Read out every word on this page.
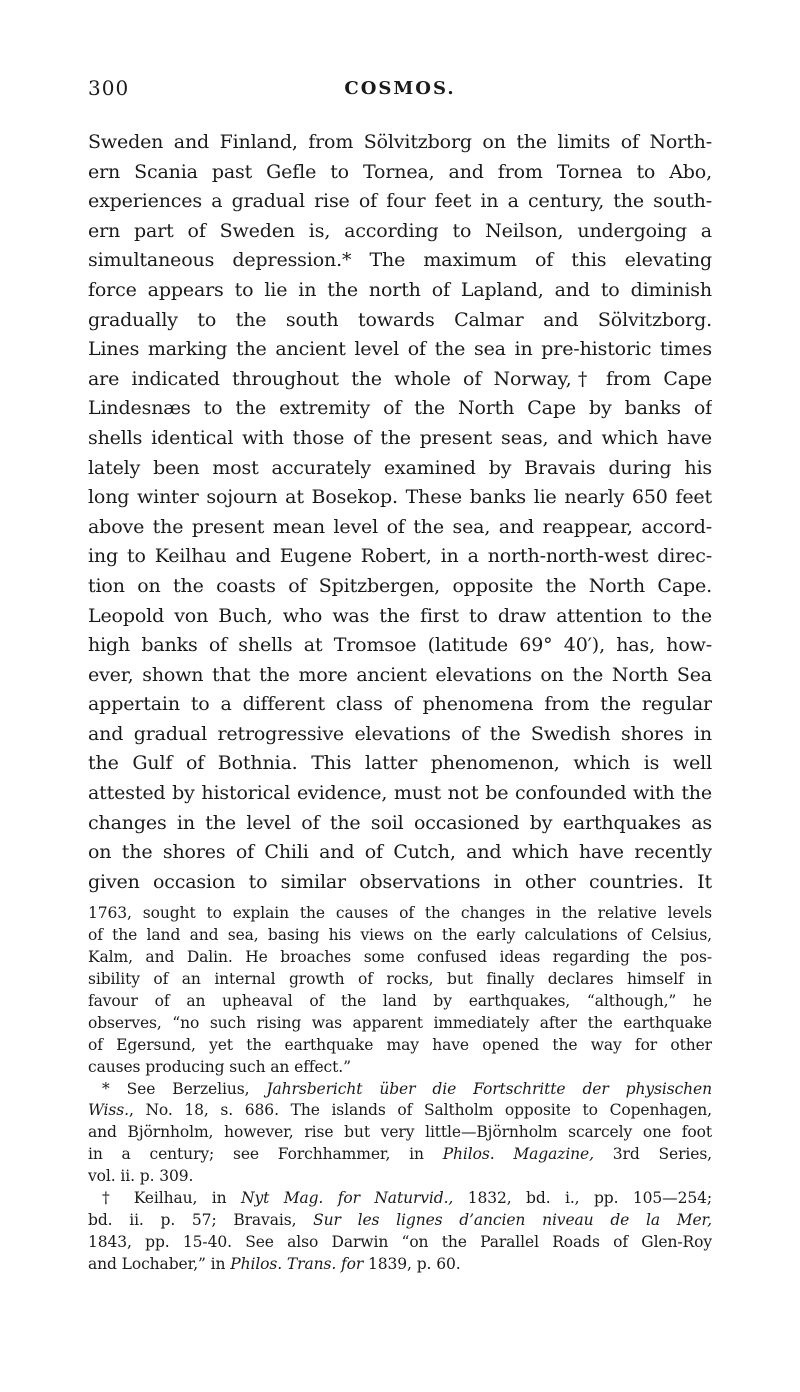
300	COSMOS.
Sweden and Finland, from Sölvitzborg on the limits of North-
ern Scania past Gefle to Tornea, and from Tornea to Abo,
experiences a gradual rise of four feet in a century, the south-
ern part of Sweden is, according to Neilson, undergoing a
simultaneous depression.* The maximum of this elevating
force appears to lie in the north of Lapland, and to diminish
gradually to the south towards Calmar and Sölvitzborg.
Lines marking the ancient level of the sea in pre-historic times
are indicated throughout the whole of Norway,† from Cape
Lindesnæs to the extremity of the North Cape by banks of
shells identical with those of the present seas, and which have
lately been most accurately examined by Bravais during his
long winter sojourn at Bosekop. These banks lie nearly 650 feet
above the present mean level of the sea, and reappear, accord-
ing to Keilhau and Eugene Robert, in a north-north-west direc-
tion on the coasts of Spitzbergen, opposite the North Cape.
Leopold von Buch, who was the first to draw attention to the
high banks of shells at Tromsoe (latitude 69° 40′), has, how-
ever, shown that the more ancient elevations on the North Sea
appertain to a different class of phenomena from the regular
and gradual retrogressive elevations of the Swedish shores in
the Gulf of Bothnia. This latter phenomenon, which is well
attested by historical evidence, must not be confounded with the
changes in the level of the soil occasioned by earthquakes as
on the shores of Chili and of Cutch, and which have recently
given occasion to similar observations in other countries. It
1763, sought to explain the causes of the changes in the relative levels
of the land and sea, basing his views on the early calculations of Celsius,
Kalm, and Dalin. He broaches some confused ideas regarding the pos-
sibility of an internal growth of rocks, but finally declares himself in
favour of an upheaval of the land by earthquakes, “although,” he
observes, “no such rising was apparent immediately after the earthquake
of Egersund, yet the earthquake may have opened the way for other
causes producing such an effect.”
* See Berzelius, Jahrsbericht über die Fortschritte der physischen
Wiss., No. 18, s. 686. The islands of Saltholm opposite to Copenhagen,
and Björnholm, however, rise but very little—Björnholm scarcely one foot
in a century; see Forchhammer, in Philos. Magazine, 3rd Series,
vol. ii. p. 309.
† Keilhau, in Nyt Mag. for Naturvid., 1832, bd. i., pp. 105—254;
bd. ii. p. 57; Bravais, Sur les lignes d’ancien niveau de la Mer,
1843, pp. 15-40. See also Darwin “on the Parallel Roads of Glen-Roy
and Lochaber,” in Philos. Trans. for 1839, p. 60.
